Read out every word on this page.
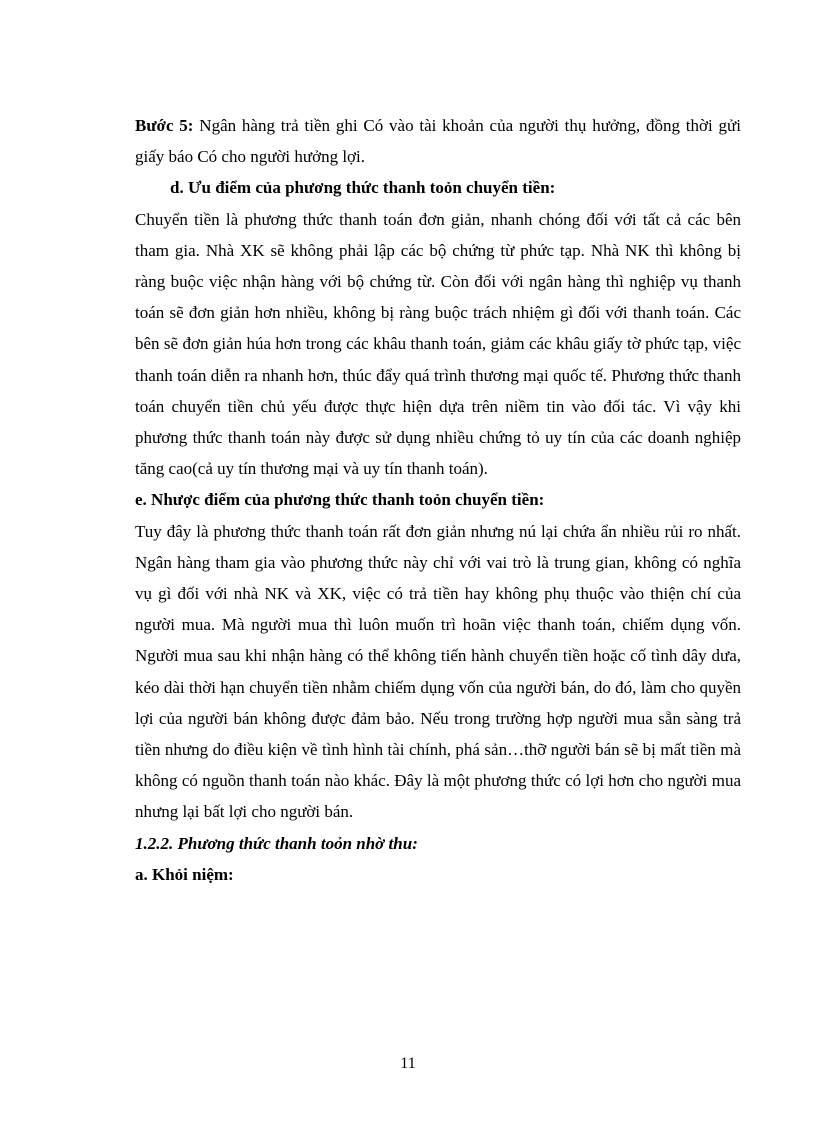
Bước 5: Ngân hàng trả tiền ghi Có vào tài khoản của người thụ hưởng, đồng thời gửi giấy báo Có cho người hưởng lợi.

d. Ưu điểm của phương thức thanh toỏn chuyển tiền:

Chuyển tiền là phương thức thanh toán đơn giản, nhanh chóng đối với tất cả các bên tham gia. Nhà XK sẽ không phải lập các bộ chứng từ phức tạp. Nhà NK thì không bị ràng buộc việc nhận hàng với bộ chứng từ. Còn đối với ngân hàng thì nghiệp vụ thanh toán sẽ đơn giản hơn nhiều, không bị ràng buộc trách nhiệm gì đối với thanh toán. Các bên sẽ đơn giản húa hơn trong các khâu thanh toán, giảm các khâu giấy tờ phức tạp, việc thanh toán diễn ra nhanh hơn, thúc đẩy quá trình thương mại quốc tế. Phương thức thanh toán chuyển tiền chủ yếu được thực hiện dựa trên niềm tin vào đối tác. Vì vậy khi phương thức thanh toán này được sử dụng nhiều chứng tỏ uy tín của các doanh nghiệp tăng cao(cả uy tín thương mại và uy tín thanh toán).

e. Nhược điểm của phương thức thanh toỏn chuyển tiền:

Tuy đây là phương thức thanh toán rất đơn giản nhưng nú lại chứa ẩn nhiều rủi ro nhất. Ngân hàng tham gia vào phương thức này chỉ với vai trò là trung gian, không có nghĩa vụ gì đối với nhà NK và XK, việc có trả tiền hay không phụ thuộc vào thiện chí của người mua. Mà người mua thì luôn muốn trì hoãn việc thanh toán, chiếm dụng vốn. Người mua sau khi nhận hàng có thể không tiến hành chuyển tiền hoặc cố tình dây dưa, kéo dài thời hạn chuyển tiền nhằm chiếm dụng vốn của người bán, do đó, làm cho quyền lợi của người bán không được đảm bảo. Nếu trong trường hợp người mua sẵn sàng trả tiền nhưng do điều kiện về tình hình tài chính, phá sản…thỡ người bán sẽ bị mất tiền mà không có nguồn thanh toán nào khác. Đây là một phương thức có lợi hơn cho người mua nhưng lại bất lợi cho người bán.

1.2.2. Phương thức thanh toỏn nhờ thu:

a. Khỏi niệm:

11
